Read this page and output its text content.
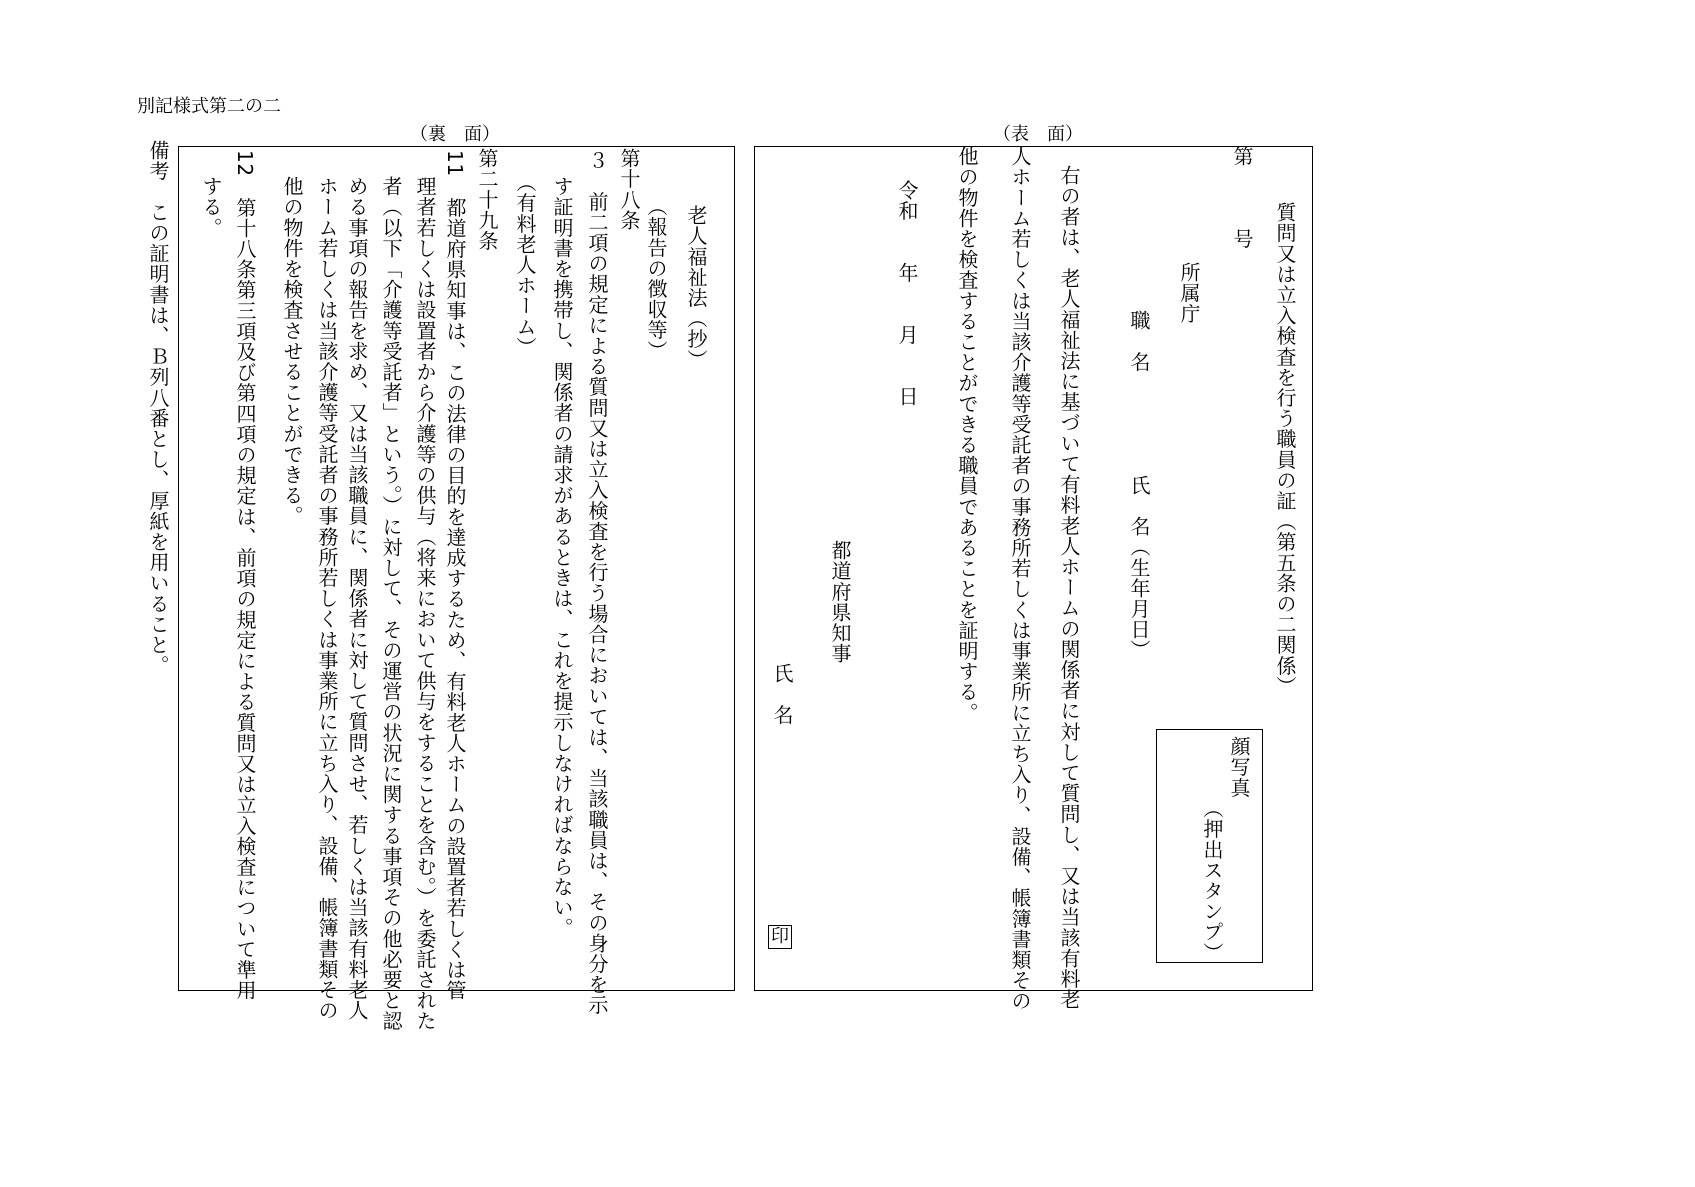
別記様式第二の二
（裏　面）
老人福祉法（抄）
（報告の徴収等）
第十八条
３　前二項の規定による質問又は立入検査を行う場合においては、当該職員は、その身分を示
す証明書を携帯し、関係者の請求があるときは、これを提示しなければならない。
（有料老人ホーム）
第二十九条
11　都道府県知事は、この法律の目的を達成するため、有料老人ホームの設置者若しくは管
理者若しくは設置者から介護等の供与（将来において供与をすることを含む。）を委託された
者（以下「介護等受託者」という。）に対して、その運営の状況に関する事項その他必要と認
める事項の報告を求め、又は当該職員に、関係者に対して質問させ、若しくは当該有料老人
ホーム若しくは当該介護等受託者の事務所若しくは事業所に立ち入り、設備、帳簿書類その
他の物件を検査させることができる。
12　第十八条第三項及び第四項の規定は、前項の規定による質問又は立入検査について準用
する。
備考　この証明書は、Ｂ列八番とし、厚紙を用いること。
（表　面）
質問又は立入検査を行う職員の証（第五条の二関係）
第　　　号
所属庁
職　名　　　　　氏　名（生年月日）
顔写真
（押出スタンプ）
右の者は、老人福祉法に基づいて有料老人ホームの関係者に対して質問し、又は当該有料老
人ホーム若しくは当該介護等受託者の事務所若しくは事業所に立ち入り、設備、帳簿書類その
他の物件を検査することができる職員であることを証明する。
令和　　年　　月　　日
都道府県知事
氏　名
印
